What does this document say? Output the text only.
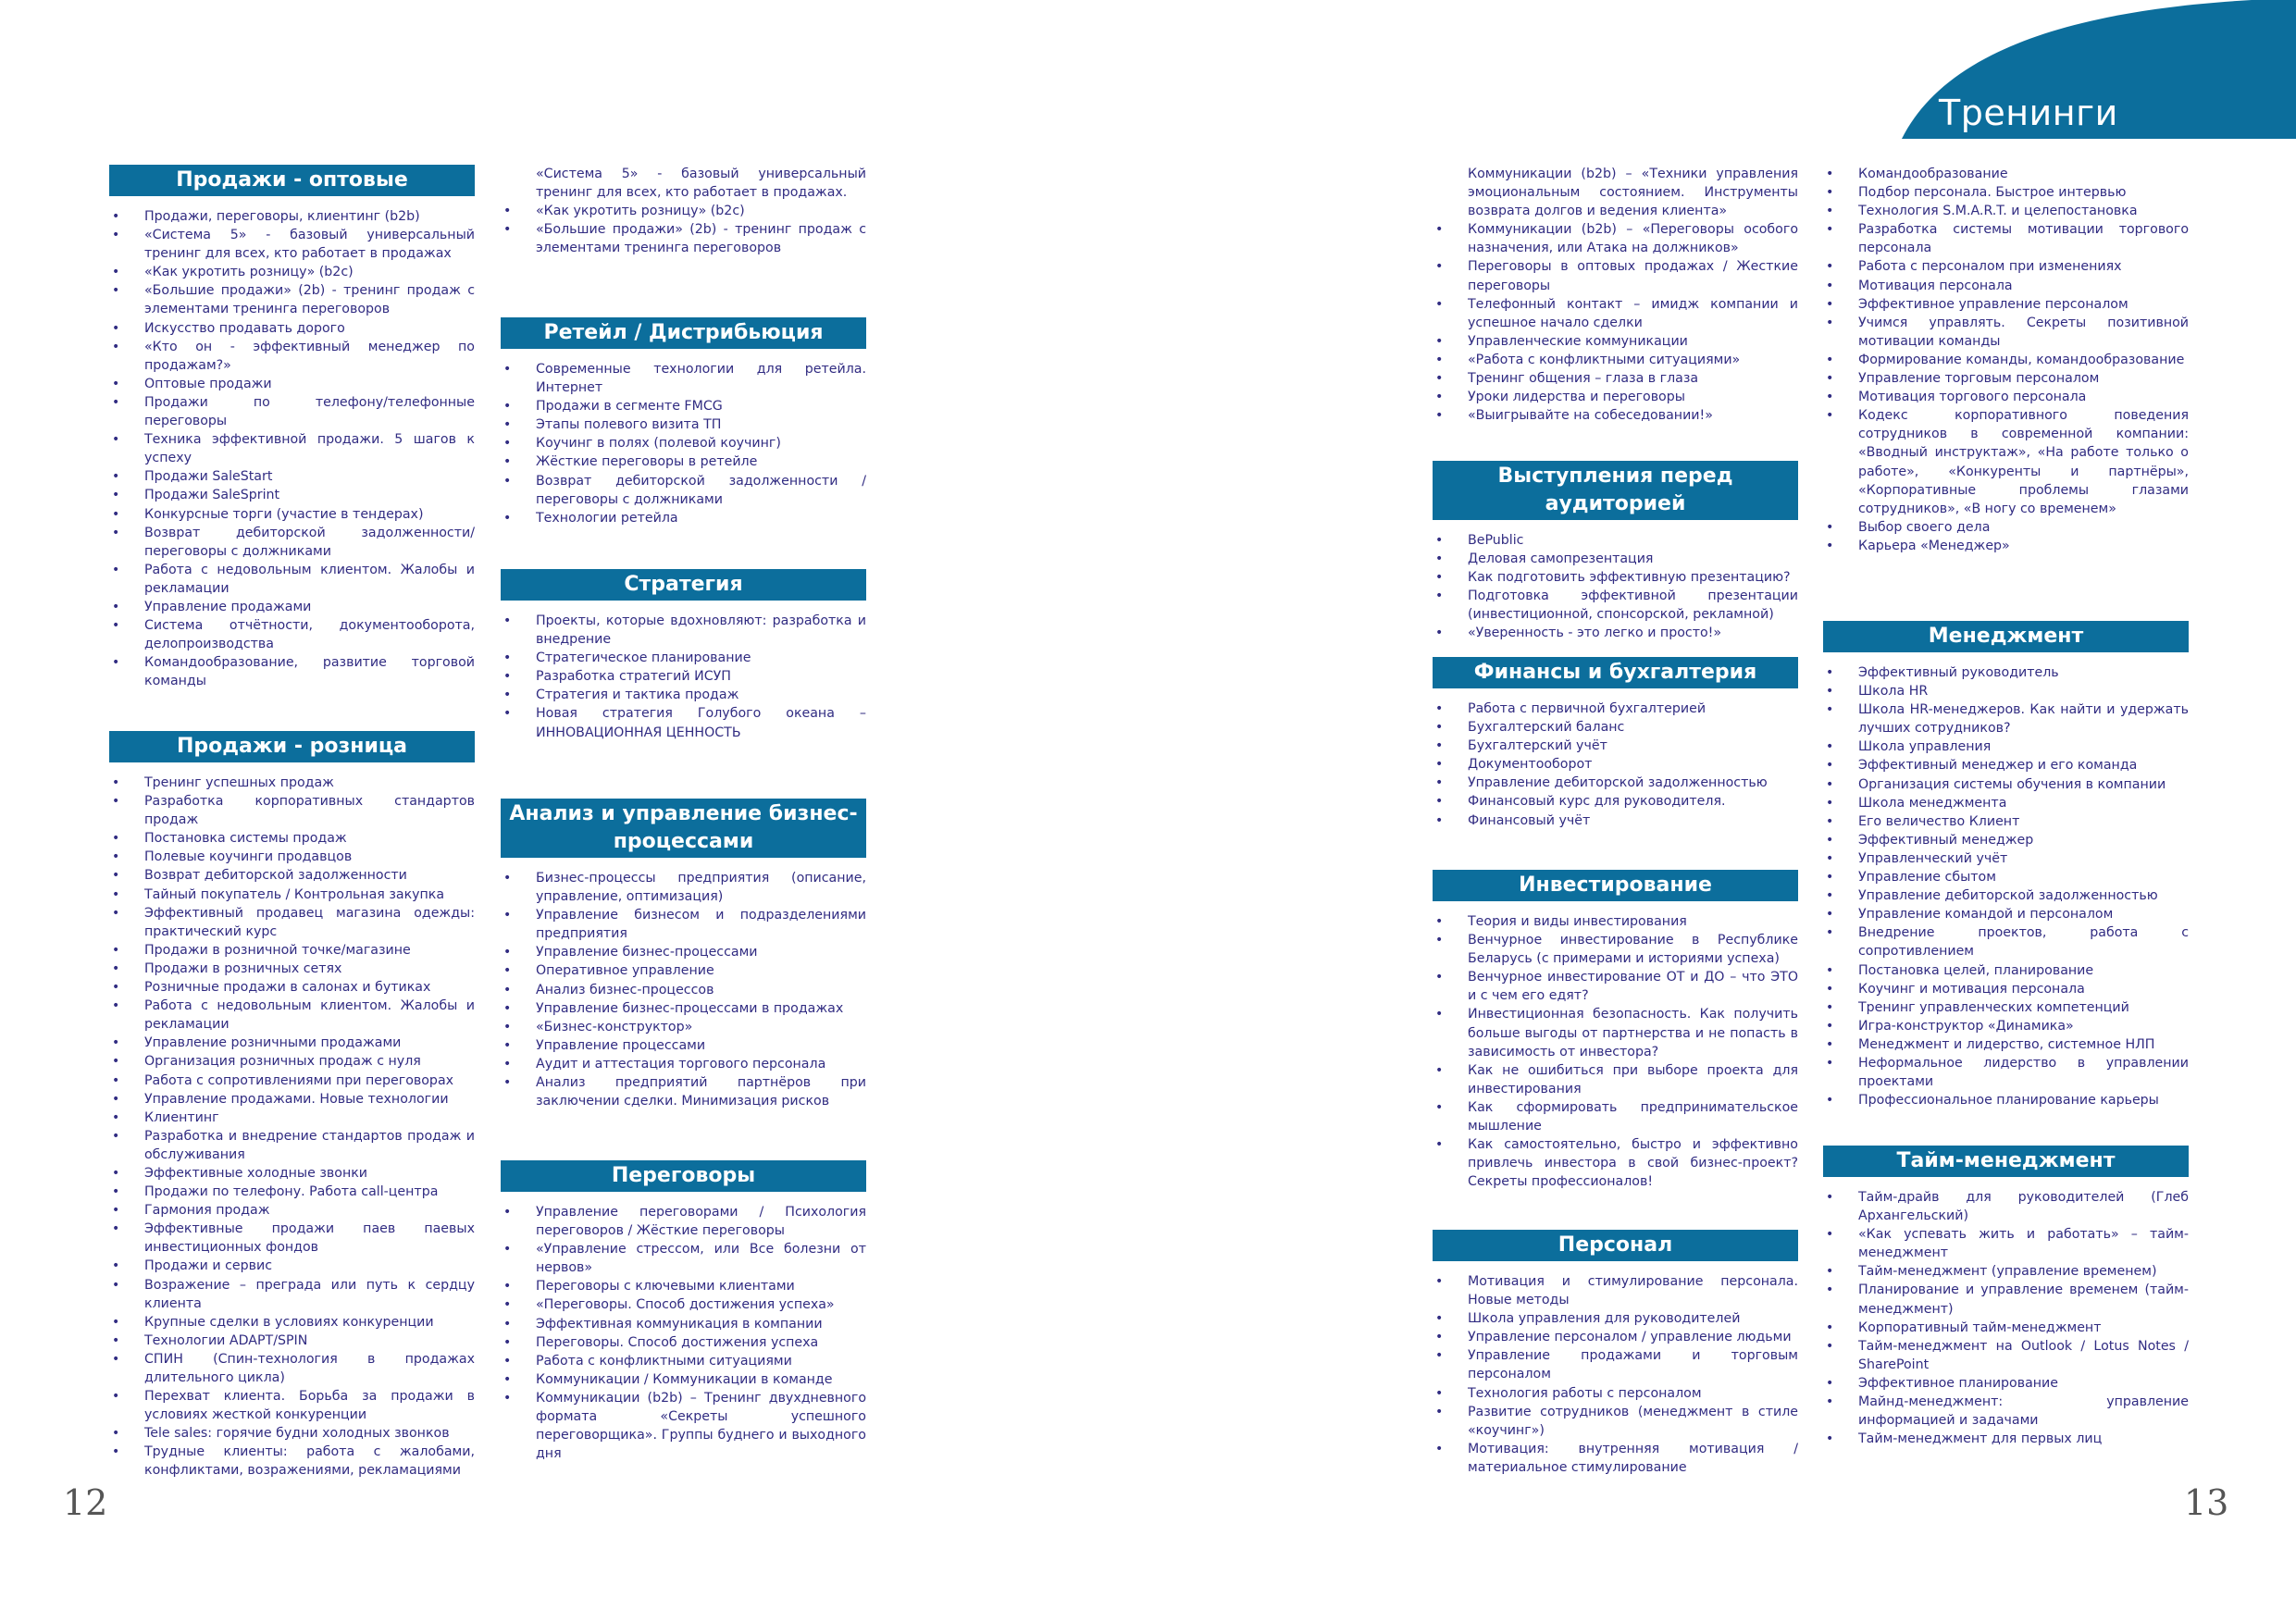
Тренинги
Продажи - оптовые
• Продажи, переговоры, клиентинг (b2b)
• «Система 5» - базовый универсальный тренинг для всех, кто работает в продажах
• «Как укротить розницу» (b2c)
• «Большие продажи» (2b) - тренинг продаж с элементами тренинга переговоров
• Искусство продавать дорого
• «Кто он - эффективный менеджер по продажам?»
• Оптовые продажи
• Продажи по телефону/телефонные переговоры
• Техника эффективной продажи. 5 шагов к успеху
• Продажи SaleStart
• Продажи SaleSprint
• Конкурсные торги (участие в тендерах)
• Возврат дебиторской задолженности/переговоры с должниками
• Работа с недовольным клиентом. Жалобы и рекламации
• Управление продажами
• Система отчётности, документооборота, делопроизводства
• Командообразование, развитие торговой команды
Продажи - розница
• Тренинг успешных продаж
• Разработка корпоративных стандартов продаж
• Постановка системы продаж
• Полевые коучинги продавцов
• Возврат дебиторской задолженности
• Тайный покупатель / Контрольная закупка
• Эффективный продавец магазина одежды: практический курс
• Продажи в розничной точке/магазине
• Продажи в розничных сетях
• Розничные продажи в салонах и бутиках
• Работа с недовольным клиентом. Жалобы и рекламации
• Управление розничными продажами
• Организация розничных продаж с нуля
• Работа с сопротивлениями при переговорах
• Управление продажами. Новые технологии
• Клиентинг
• Разработка и внедрение стандартов продаж и обслуживания
• Эффективные холодные звонки
• Продажи по телефону. Работа call-центра
• Гармония продаж
• Эффективные продажи паев паевых инвестиционных фондов
• Продажи и сервис
• Возражение – преграда или путь к сердцу клиента
• Крупные сделки в условиях конкуренции
• Технологии ADAPT/SPIN
• СПИН (Спин-технология в продажах длительного цикла)
• Перехват клиента. Борьба за продажи в условиях жесткой конкуренции
• Tele sales: горячие будни холодных звонков
• Трудные клиенты: работа с жалобами, конфликтами, возражениями, рекламациями
«Система 5» - базовый универсальный тренинг для всех, кто работает в продажах.
• «Как укротить розницу» (b2c)
• «Большие продажи» (2b) - тренинг продаж с элементами тренинга переговоров
Ретейл / Дистрибьюция
• Современные технологии для ретейла. Интернет
• Продажи в сегменте FMCG
• Этапы полевого визита ТП
• Коучинг в полях (полевой коучинг)
• Жёсткие переговоры в ретейле
• Возврат дебиторской задолженности / переговоры с должниками
• Технологии ретейла
Стратегия
• Проекты, которые вдохновляют: разработка и внедрение
• Стратегическое планирование
• Разработка стратегий ИСУП
• Стратегия и тактика продаж
• Новая стратегия Голубого океана – ИННОВАЦИОННАЯ ЦЕННОСТЬ
Анализ и управление бизнес-процессами
• Бизнес-процессы предприятия (описание, управление, оптимизация)
• Управление бизнесом и подразделениями предприятия
• Управление бизнес-процессами
• Оперативное управление
• Анализ бизнес-процессов
• Управление бизнес-процессами в продажах
• «Бизнес-конструктор»
• Управление процессами
• Аудит и аттестация торгового персонала
• Анализ предприятий партнёров при заключении сделки. Минимизация рисков
Переговоры
• Управление переговорами / Психология переговоров / Жёсткие переговоры
• «Управление стрессом, или Все болезни от нервов»
• Переговоры с ключевыми клиентами
• «Переговоры. Способ достижения успеха»
• Эффективная коммуникация в компании
• Переговоры. Способ достижения успеха
• Работа с конфликтными ситуациями
• Коммуникации / Коммуникации в команде
• Коммуникации (b2b) – Тренинг двухдневного формата «Секреты успешного переговорщика». Группы буднего и выходного дня
Коммуникации (b2b) – «Техники управления эмоциональным состоянием. Инструменты возврата долгов и ведения клиента»
• Коммуникации (b2b) – «Переговоры особого назначения, или Атака на должников»
• Переговоры в оптовых продажах / Жесткие переговоры
• Телефонный контакт – имидж компании и успешное начало сделки
• Управленческие коммуникации
• «Работа с конфликтными ситуациями»
• Тренинг общения – глаза в глаза
• Уроки лидерства и переговоры
• «Выигрывайте на собеседовании!»
Выступления перед аудиторией
• BePublic
• Деловая самопрезентация
• Как подготовить эффективную презентацию?
• Подготовка эффективной презентации (инвестиционной, спонсорской, рекламной)
• «Уверенность - это легко и просто!»
Финансы и бухгалтерия
• Работа с первичной бухгалтерией
• Бухгалтерский баланс
• Бухгалтерский учёт
• Документооборот
• Управление дебиторской задолженностью
• Финансовый курс для руководителя.
• Финансовый учёт
Инвестирование
• Теория и виды инвестирования
• Венчурное инвестирование в Республике Беларусь (с примерами и историями успеха)
• Венчурное инвестирование ОТ и ДО – что ЭТО и с чем его едят?
• Инвестиционная безопасность. Как получить больше выгоды от партнерства и не попасть в зависимость от инвестора?
• Как не ошибиться при выборе проекта для инвестирования
• Как сформировать предпринимательское мышление
• Как самостоятельно, быстро и эффективно привлечь инвестора в свой бизнес-проект? Секреты профессионалов!
Персонал
• Мотивация и стимулирование персонала. Новые методы
• Школа управления для руководителей
• Управление персоналом / управление людьми
• Управление продажами и торговым персоналом
• Технология работы с персоналом
• Развитие сотрудников (менеджмент в стиле «коучинг»)
• Мотивация: внутренняя мотивация / материальное стимулирование
• Командообразование
• Подбор персонала. Быстрое интервью
• Технология S.M.A.R.T. и целепостановка
• Разработка системы мотивации торгового персонала
• Работа с персоналом при изменениях
• Мотивация персонала
• Эффективное управление персоналом
• Учимся управлять. Секреты позитивной мотивации команды
• Формирование команды, командообразование
• Управление торговым персоналом
• Мотивация торгового персонала
• Кодекс корпоративного поведения сотрудников в современной компании: «Вводный инструктаж», «На работе только о работе», «Конкуренты и партнёры», «Корпоративные проблемы глазами сотрудников», «В ногу со временем»
• Выбор своего дела
• Карьера «Менеджер»
Менеджмент
• Эффективный руководитель
• Школа HR
• Школа HR-менеджеров. Как найти и удержать лучших сотрудников?
• Школа управления
• Эффективный менеджер и его команда
• Организация системы обучения в компании
• Школа менеджмента
• Его величество Клиент
• Эффективный менеджер
• Управленческий учёт
• Управление сбытом
• Управление дебиторской задолженностью
• Управление командой и персоналом
• Внедрение проектов, работа с сопротивлением
• Постановка целей, планирование
• Коучинг и мотивация персонала
• Тренинг управленческих компетенций
• Игра-конструктор «Динамика»
• Менеджмент и лидерство, системное НЛП
• Неформальное лидерство в управлении проектами
• Профессиональное планирование карьеры
Тайм-менеджмент
• Тайм-драйв для руководителей (Глеб Архангельский)
• «Как успевать жить и работать» – тайм-менеджмент
• Тайм-менеджмент (управление временем)
• Планирование и управление временем (тайм-менеджмент)
• Корпоративный тайм-менеджмент
• Тайм-менеджмент на Outlook / Lotus Notes / SharePoint
• Эффективное планирование
• Майнд-менеджмент: управление информацией и задачами
• Тайм-менеджмент для первых лиц
12	13
